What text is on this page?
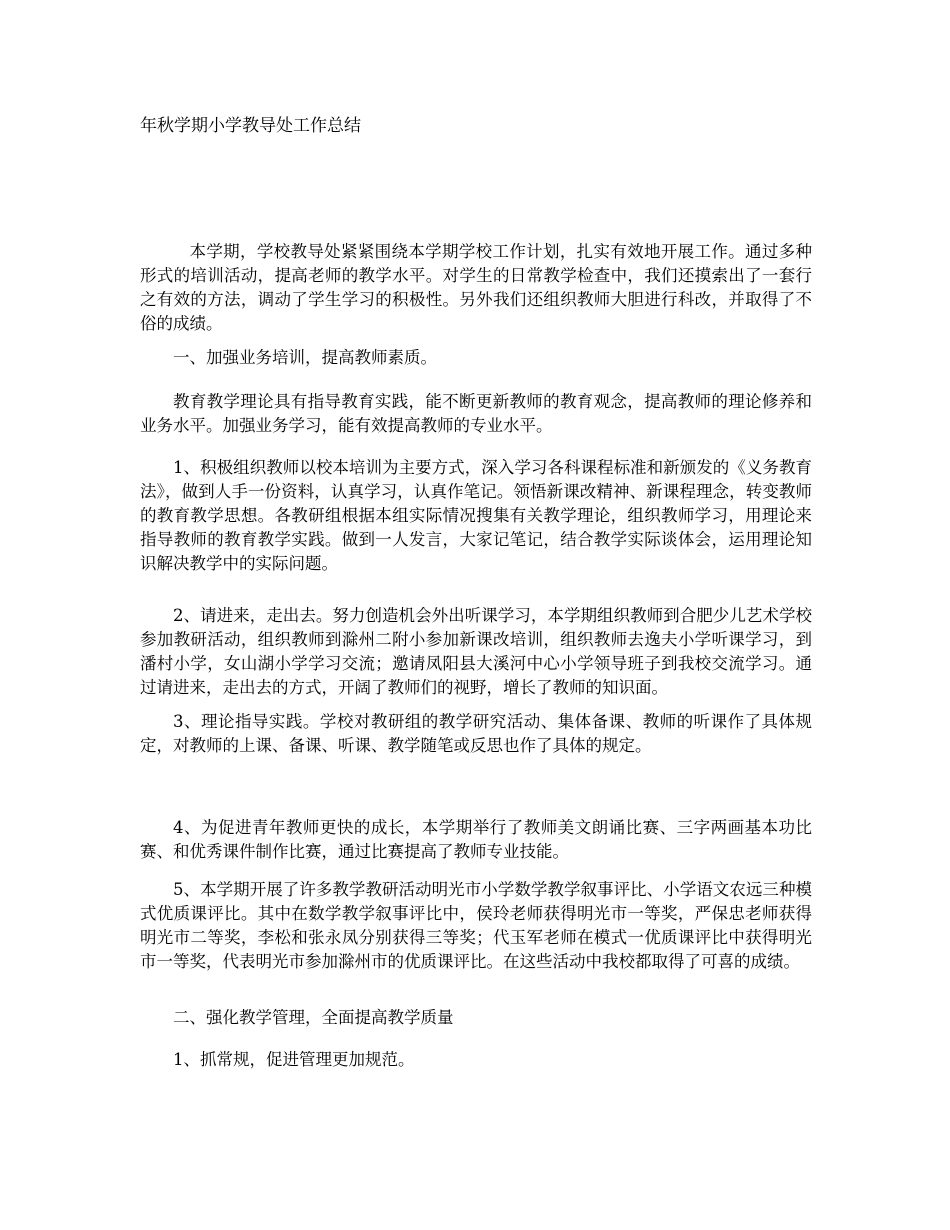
年秋学期小学教导处工作总结

本学期，学校教导处紧紧围绕本学期学校工作计划，扎实有效地开展工作。通过多种形式的培训活动，提高老师的教学水平。对学生的日常教学检查中，我们还摸索出了一套行之有效的方法，调动了学生学习的积极性。另外我们还组织教师大胆进行科改，并取得了不俗的成绩。

一、加强业务培训，提高教师素质。

教育教学理论具有指导教育实践，能不断更新教师的教育观念，提高教师的理论修养和业务水平。加强业务学习，能有效提高教师的专业水平。

1、积极组织教师以校本培训为主要方式，深入学习各科课程标准和新颁发的《义务教育法》，做到人手一份资料，认真学习，认真作笔记。领悟新课改精神、新课程理念，转变教师的教育教学思想。各教研组根据本组实际情况搜集有关教学理论，组织教师学习，用理论来指导教师的教育教学实践。做到一人发言，大家记笔记，结合教学实际谈体会，运用理论知识解决教学中的实际问题。

2、请进来，走出去。努力创造机会外出听课学习，本学期组织教师到合肥少儿艺术学校参加教研活动，组织教师到滁州二附小参加新课改培训，组织教师去逸夫小学听课学习，到潘村小学，女山湖小学学习交流；邀请凤阳县大溪河中心小学领导班子到我校交流学习。通过请进来，走出去的方式，开阔了教师们的视野，增长了教师的知识面。

3、理论指导实践。学校对教研组的教学研究活动、集体备课、教师的听课作了具体规定，对教师的上课、备课、听课、教学随笔或反思也作了具体的规定。

4、为促进青年教师更快的成长，本学期举行了教师美文朗诵比赛、三字两画基本功比赛、和优秀课件制作比赛，通过比赛提高了教师专业技能。

5、本学期开展了许多教学教研活动明光市小学数学教学叙事评比、小学语文农远三种模式优质课评比。其中在数学教学叙事评比中，侯玲老师获得明光市一等奖，严保忠老师获得明光市二等奖，李松和张永凤分别获得三等奖；代玉军老师在模式一优质课评比中获得明光市一等奖，代表明光市参加滁州市的优质课评比。在这些活动中我校都取得了可喜的成绩。

二、强化教学管理，全面提高教学质量

1、抓常规，促进管理更加规范。
